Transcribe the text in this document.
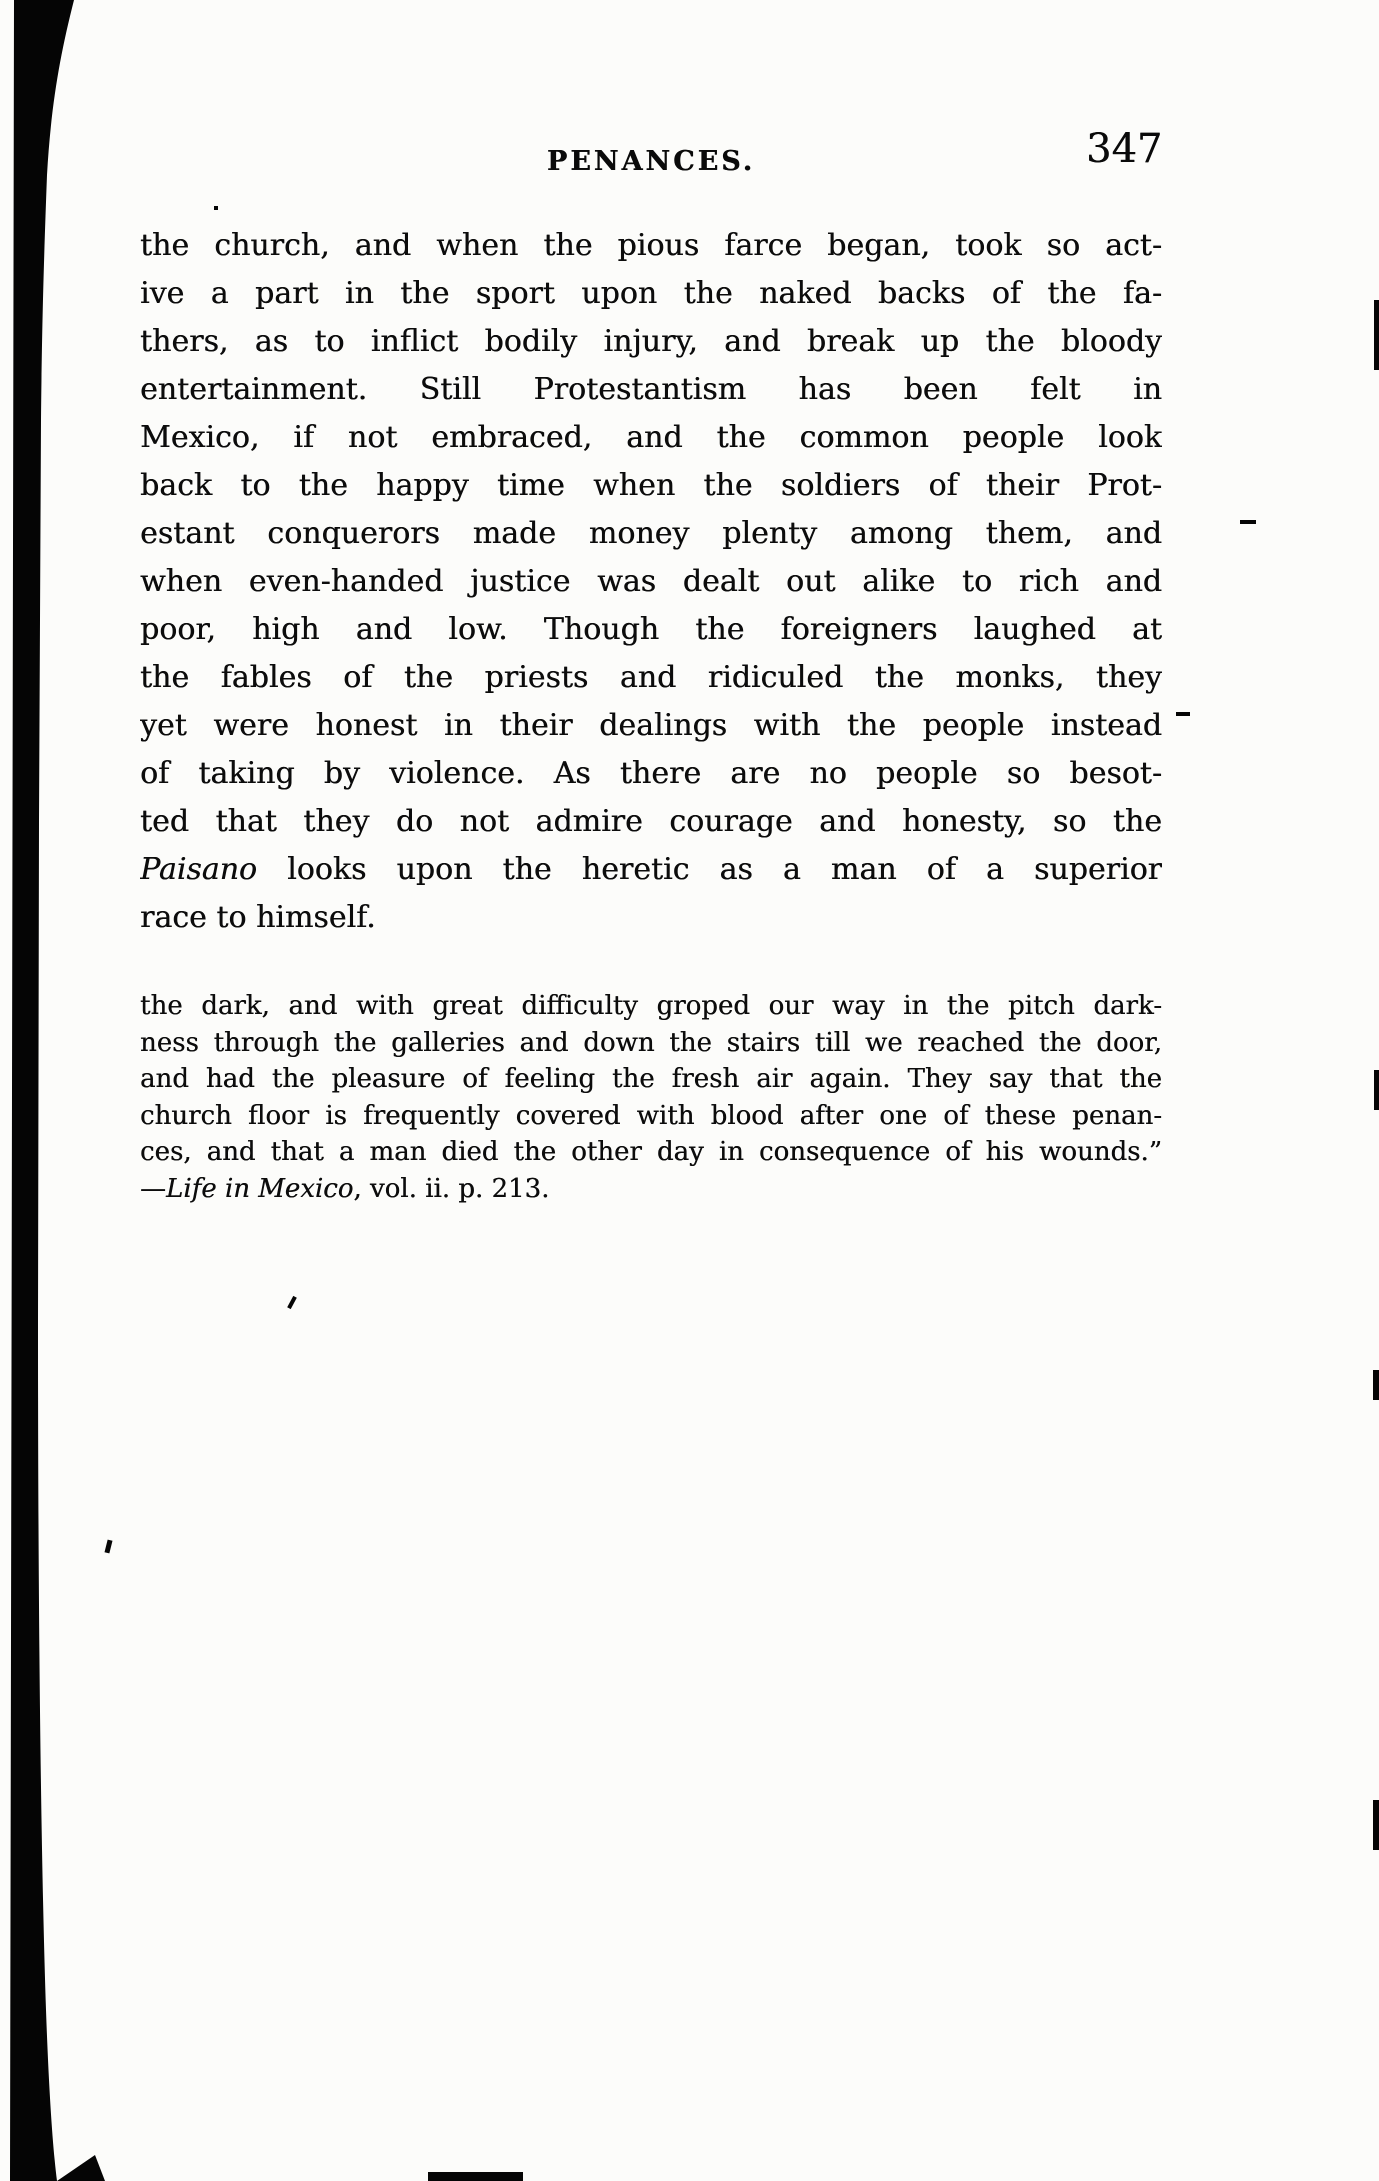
PENANCES.	347
the church, and when the pious farce began, took so act-
ive a part in the sport upon the naked backs of the fa-
thers, as to inflict bodily injury, and break up the bloody
entertainment. Still Protestantism has been felt in
Mexico, if not embraced, and the common people look
back to the happy time when the soldiers of their Prot-
estant conquerors made money plenty among them, and
when even-handed justice was dealt out alike to rich and
poor, high and low. Though the foreigners laughed at
the fables of the priests and ridiculed the monks, they
yet were honest in their dealings with the people instead
of taking by violence. As there are no people so besot-
ted that they do not admire courage and honesty, so the
Paisano looks upon the heretic as a man of a superior
race to himself.
the dark, and with great difficulty groped our way in the pitch dark-
ness through the galleries and down the stairs till we reached the door,
and had the pleasure of feeling the fresh air again. They say that the
church floor is frequently covered with blood after one of these penan-
ces, and that a man died the other day in consequence of his wounds.”
—Life in Mexico, vol. ii. p. 213.
